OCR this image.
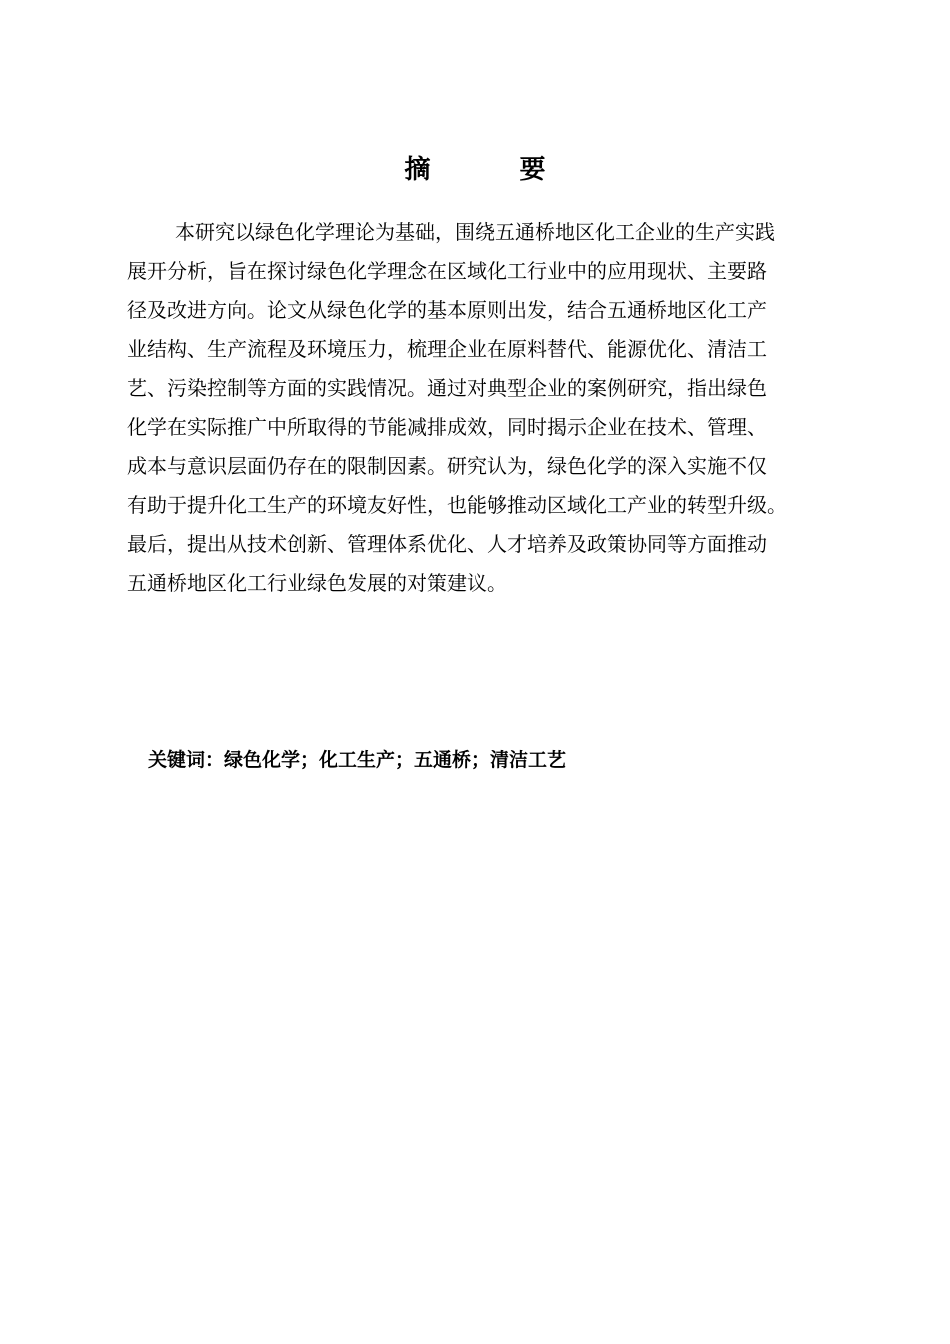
摘 要
本研究以绿色化学理论为基础，围绕五通桥地区化工企业的生产实践
展开分析，旨在探讨绿色化学理念在区域化工行业中的应用现状、主要路
径及改进方向。论文从绿色化学的基本原则出发，结合五通桥地区化工产
业结构、生产流程及环境压力，梳理企业在原料替代、能源优化、清洁工
艺、污染控制等方面的实践情况。通过对典型企业的案例研究，指出绿色
化学在实际推广中所取得的节能减排成效，同时揭示企业在技术、管理、
成本与意识层面仍存在的限制因素。研究认为，绿色化学的深入实施不仅
有助于提升化工生产的环境友好性，也能够推动区域化工产业的转型升级。
最后，提出从技术创新、管理体系优化、人才培养及政策协同等方面推动
五通桥地区化工行业绿色发展的对策建议。
关键词：绿色化学；化工生产；五通桥；清洁工艺
